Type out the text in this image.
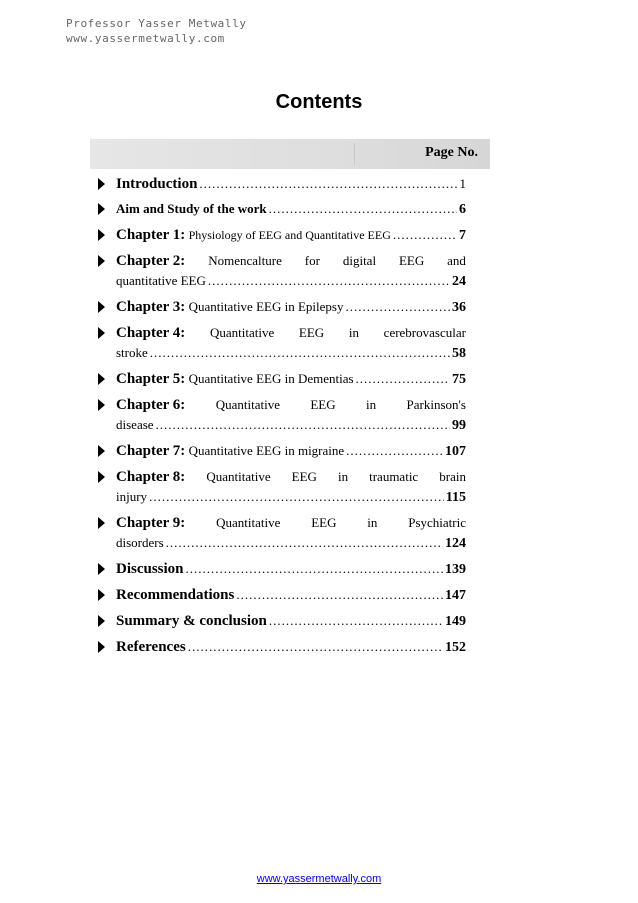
Professor Yasser Metwally
www.yassermetwally.com
Contents
Page No.
Introduction .....	1
Aim and Study of the work .....	6
Chapter 1:
Physiology of EEG and Quantitative EEG .....	7
Chapter 2: Nomencalture for digital EEG and
quantitative EEG .....	24
Chapter 3:
Quantitative EEG in Epilepsy .....	36
Chapter 4: Quantitative EEG in cerebrovascular
stroke .....	58
Chapter 5:
Quantitative EEG in Dementias .....	75
Chapter 6: Quantitative EEG in Parkinson's
disease .....	99
Chapter 7:
Quantitative EEG in migraine .....	107
Chapter 8: Quantitative EEG in traumatic brain
injury .....	115
Chapter 9: Quantitative EEG in Psychiatric
disorders .....	124
Discussion .....	139
Recommendations .....	147
Summary & conclusion .....	149
References .....	152
www.yassermetwally.com
